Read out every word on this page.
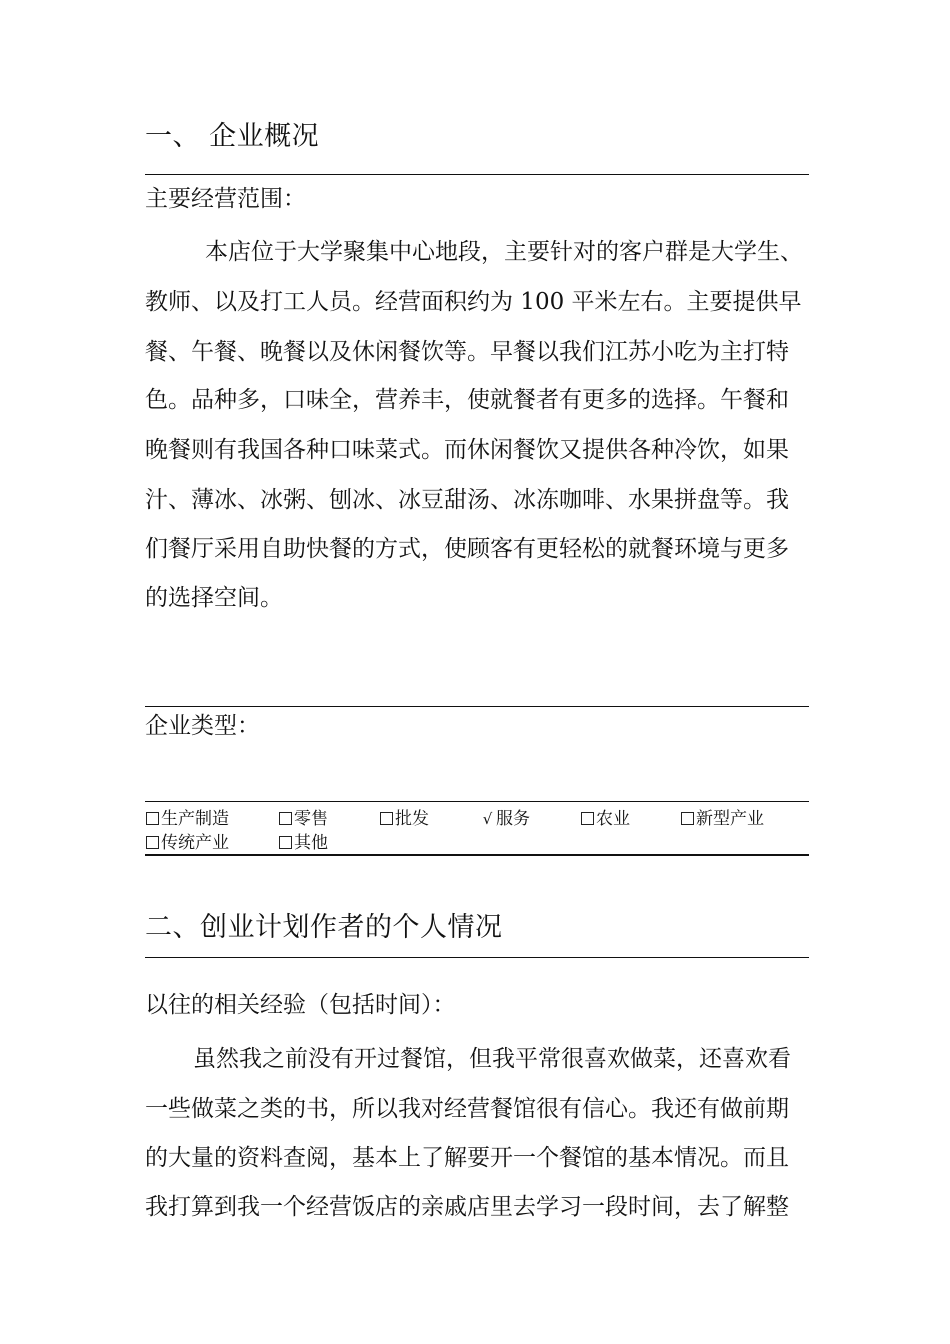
一、 企业概况
主要经营范围：
本店位于大学聚集中心地段，主要针对的客户群是大学生、
教师、以及打工人员。经营面积约为 100 平米左右。主要提供早
餐、午餐、晚餐以及休闲餐饮等。早餐以我们江苏小吃为主打特
色。品种多，口味全，营养丰，使就餐者有更多的选择。午餐和
晚餐则有我国各种口味菜式。而休闲餐饮又提供各种冷饮，如果
汁、薄冰、冰粥、刨冰、冰豆甜汤、冰冻咖啡、水果拼盘等。我
们餐厅采用自助快餐的方式，使顾客有更轻松的就餐环境与更多
的选择空间。
企业类型：
生产制造	零售	批发	√ 服务	农业	新型产业
传统产业	其他
二、创业计划作者的个人情况
以往的相关经验（包括时间）：
虽然我之前没有开过餐馆，但我平常很喜欢做菜，还喜欢看
一些做菜之类的书，所以我对经营餐馆很有信心。我还有做前期
的大量的资料查阅，基本上了解要开一个餐馆的基本情况。而且
我打算到我一个经营饭店的亲戚店里去学习一段时间，去了解整
